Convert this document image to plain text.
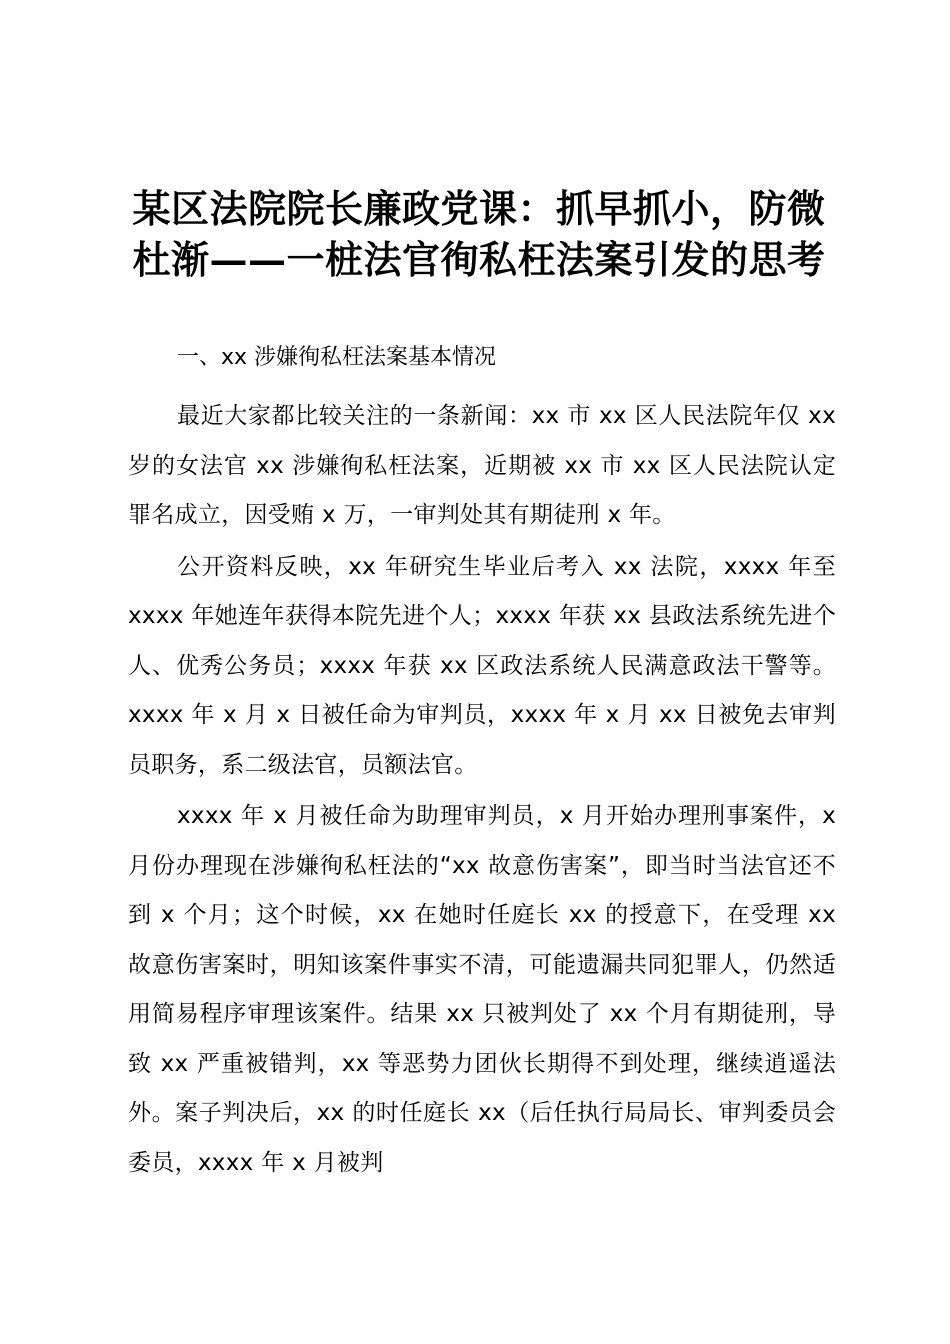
某区法院院长廉政党课：抓早抓小，防微杜渐——一桩法官徇私枉法案引发的思考

一、xx 涉嫌徇私枉法案基本情况

最近大家都比较关注的一条新闻：xx 市 xx 区人民法院年仅 xx 岁的女法官 xx 涉嫌徇私枉法案，近期被 xx 市 xx 区人民法院认定罪名成立，因受贿 x 万，一审判处其有期徒刑 x 年。

公开资料反映，xx 年研究生毕业后考入 xx 法院，xxxx 年至 xxxx 年她连年获得本院先进个人；xxxx 年获 xx 县政法系统先进个人、优秀公务员；xxxx 年获 xx 区政法系统人民满意政法干警等。xxxx 年 x 月 x 日被任命为审判员，xxxx 年 x 月 xx 日被免去审判员职务，系二级法官，员额法官。

xxxx 年 x 月被任命为助理审判员，x 月开始办理刑事案件，x 月份办理现在涉嫌徇私枉法的“xx 故意伤害案”，即当时当法官还不到 x 个月；这个时候，xx 在她时任庭长 xx 的授意下，在受理 xx 故意伤害案时，明知该案件事实不清，可能遗漏共同犯罪人，仍然适用简易程序审理该案件。结果 xx 只被判处了 xx 个月有期徒刑，导致 xx 严重被错判，xx 等恶势力团伙长期得不到处理，继续逍遥法外。案子判决后，xx 的时任庭长 xx（后任执行局局长、审判委员会委员，xxxx 年 x 月被判
